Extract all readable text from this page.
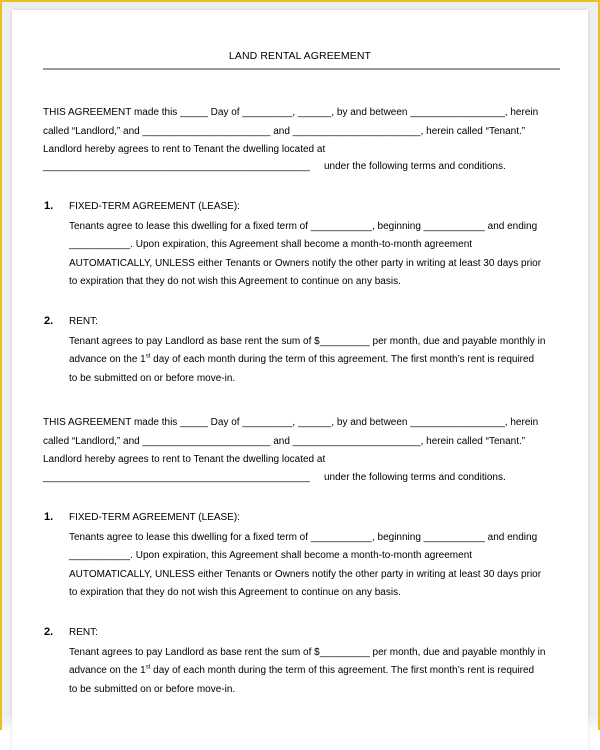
LAND RENTAL AGREEMENT
THIS AGREEMENT made this _____ Day of _________, ______, by and between _________________, herein
called “Landlord,” and _______________________ and _______________________, herein called “Tenant.”
Landlord hereby agrees to rent to Tenant the dwelling located at
________________________________________________ under the following terms and conditions.
1. FIXED-TERM AGREEMENT (LEASE):
Tenants agree to lease this dwelling for a fixed term of ___________, beginning ___________ and ending
___________. Upon expiration, this Agreement shall become a month-to-month agreement
AUTOMATICALLY, UNLESS either Tenants or Owners notify the other party in writing at least 30 days prior
to expiration that they do not wish this Agreement to continue on any basis.
2. RENT:
Tenant agrees to pay Landlord as base rent the sum of $_________ per month, due and payable monthly in
advance on the 1st day of each month during the term of this agreement. The first month’s rent is required
to be submitted on or before move-in.
THIS AGREEMENT made this _____ Day of _________, ______, by and between _________________, herein
called “Landlord,” and _______________________ and _______________________, herein called “Tenant.”
Landlord hereby agrees to rent to Tenant the dwelling located at
________________________________________________ under the following terms and conditions.
1. FIXED-TERM AGREEMENT (LEASE):
Tenants agree to lease this dwelling for a fixed term of ___________, beginning ___________ and ending
___________. Upon expiration, this Agreement shall become a month-to-month agreement
AUTOMATICALLY, UNLESS either Tenants or Owners notify the other party in writing at least 30 days prior
to expiration that they do not wish this Agreement to continue on any basis.
2. RENT:
Tenant agrees to pay Landlord as base rent the sum of $_________ per month, due and payable monthly in
advance on the 1st day of each month during the term of this agreement. The first month’s rent is required
to be submitted on or before move-in.
